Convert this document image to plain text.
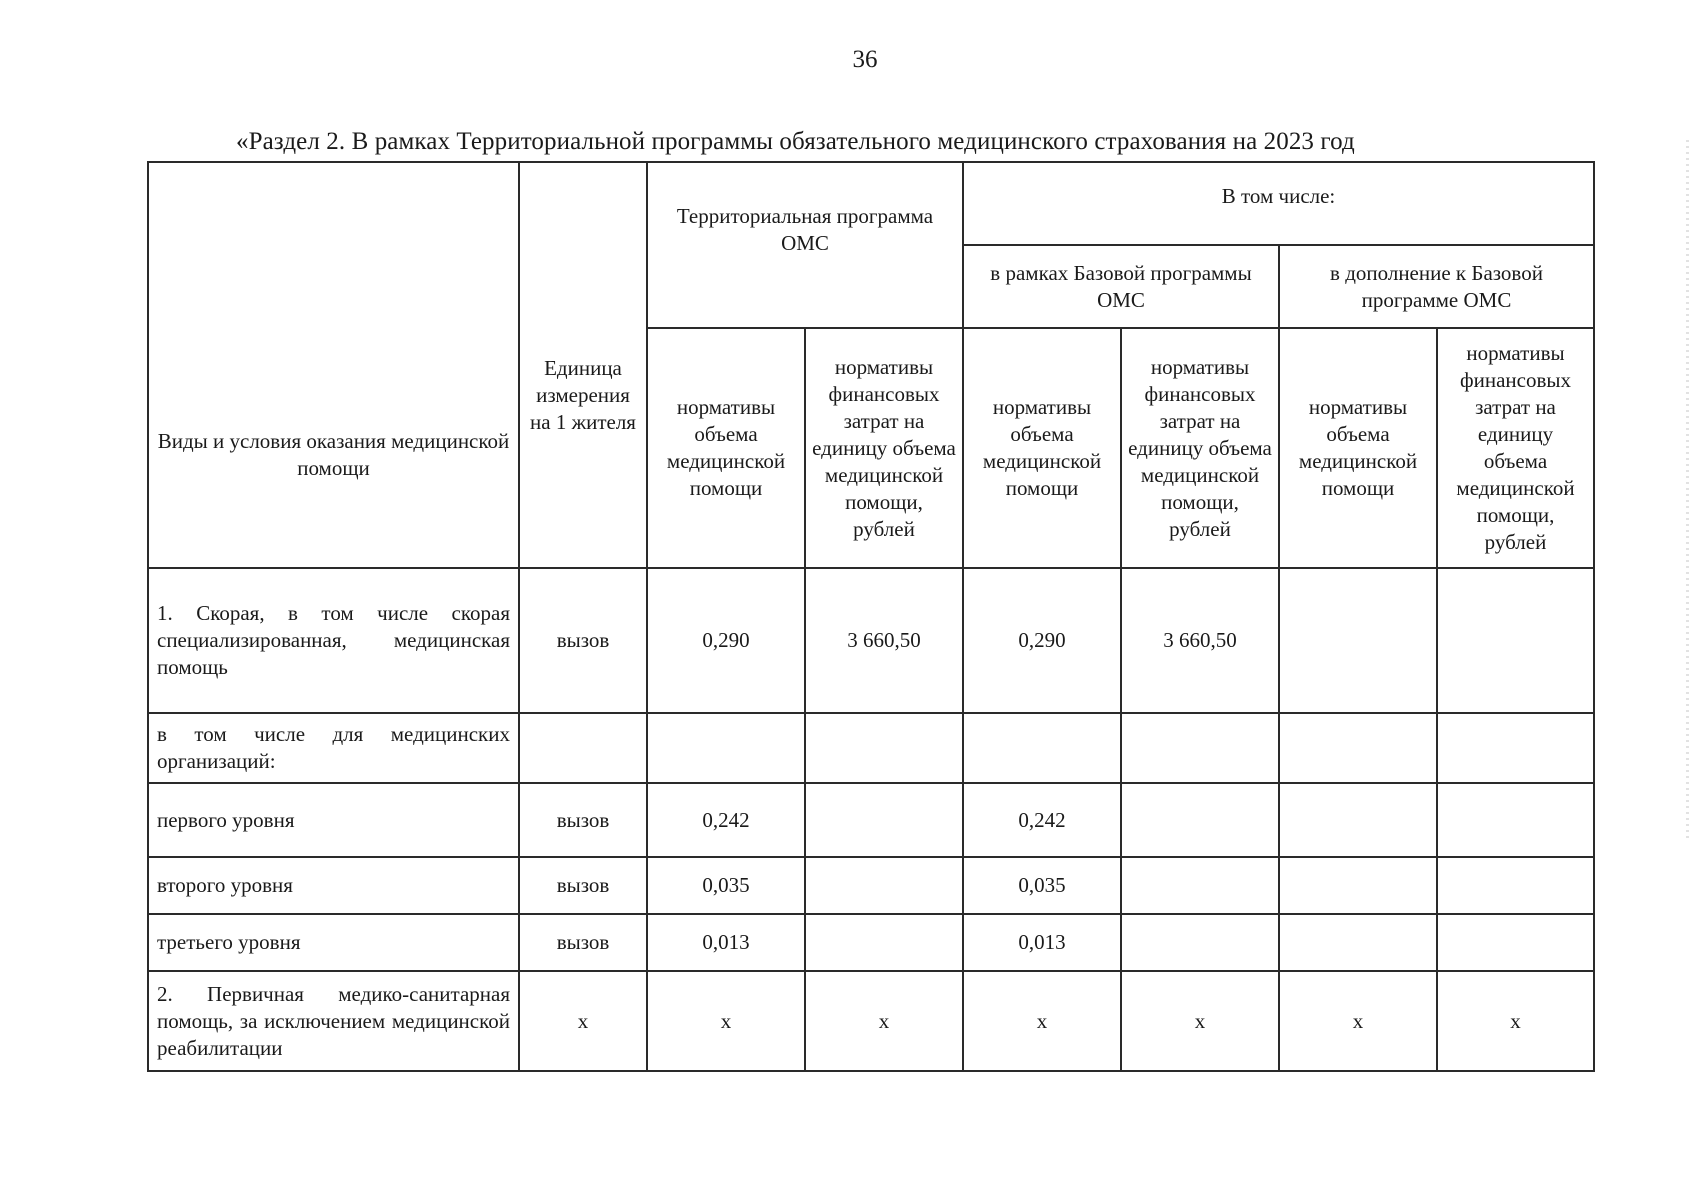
36
«Раздел 2. В рамках Территориальной программы обязательного медицинского страхования на 2023 год
Виды и условия оказания медицинской помощи	Единица измерения на 1 жителя	Территориальная программа ОМС		В том числе:			
				в рамках Базовой программы ОМС		в дополнение к Базовой программе ОМС	
		нормативы объема медицинской помощи	нормативы финансовых затрат на единицу объема медицинской помощи, рублей	нормативы объема медицинской помощи	нормативы финансовых затрат на единицу объема медицинской помощи, рублей	нормативы объема медицинской помощи	нормативы финансовых затрат на единицу объема медицинской помощи, рублей
1. Скорая, в том числе скорая специализированная, медицинская помощь	вызов	0,290	3 660,50	0,290	3 660,50		
в том числе для медицинских организаций:							
первого уровня	вызов	0,242		0,242			
второго уровня	вызов	0,035		0,035			
третьего уровня	вызов	0,013		0,013			
2. Первичная медико-санитарная помощь, за исключением медицинской реабилитации	х	х	х	х	х	х	х
